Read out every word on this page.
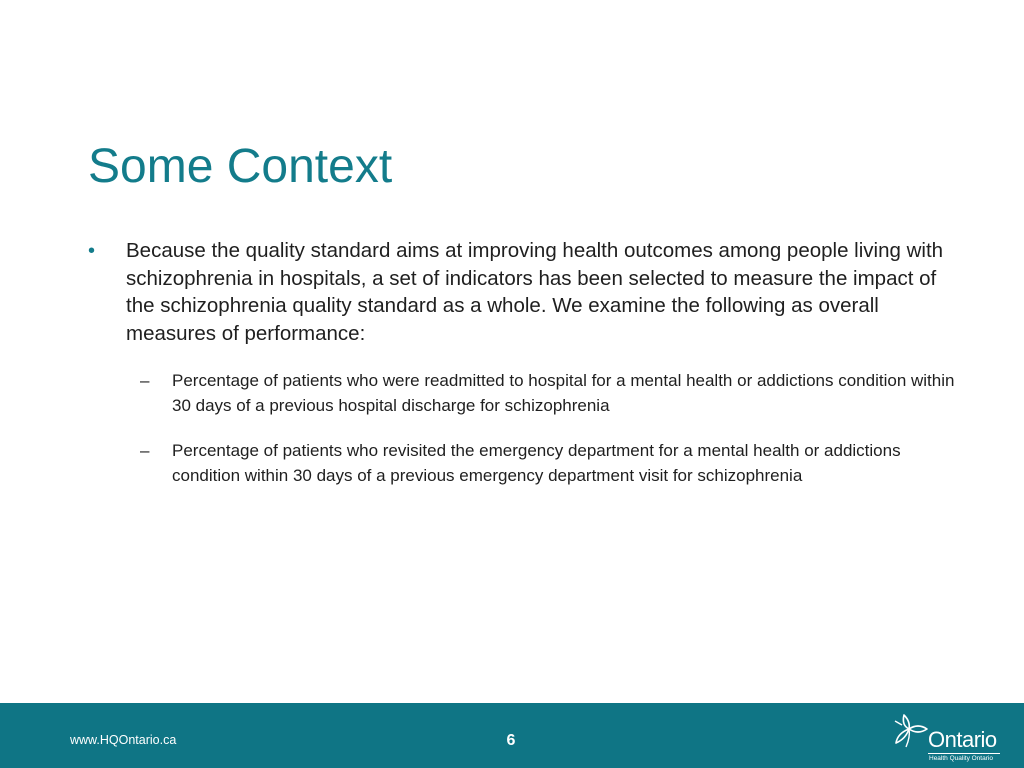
Some Context
• Because the quality standard aims at improving health outcomes among people living with schizophrenia in hospitals, a set of indicators has been selected to measure the impact of the schizophrenia quality standard as a whole. We examine the following as overall measures of performance:
– Percentage of patients who were readmitted to hospital for a mental health or addictions condition within 30 days of a previous hospital discharge for schizophrenia
– Percentage of patients who revisited the emergency department for a mental health or addictions condition within 30 days of a previous emergency department visit for schizophrenia
www.HQOntario.ca	6	Ontario
Health Quality Ontario
